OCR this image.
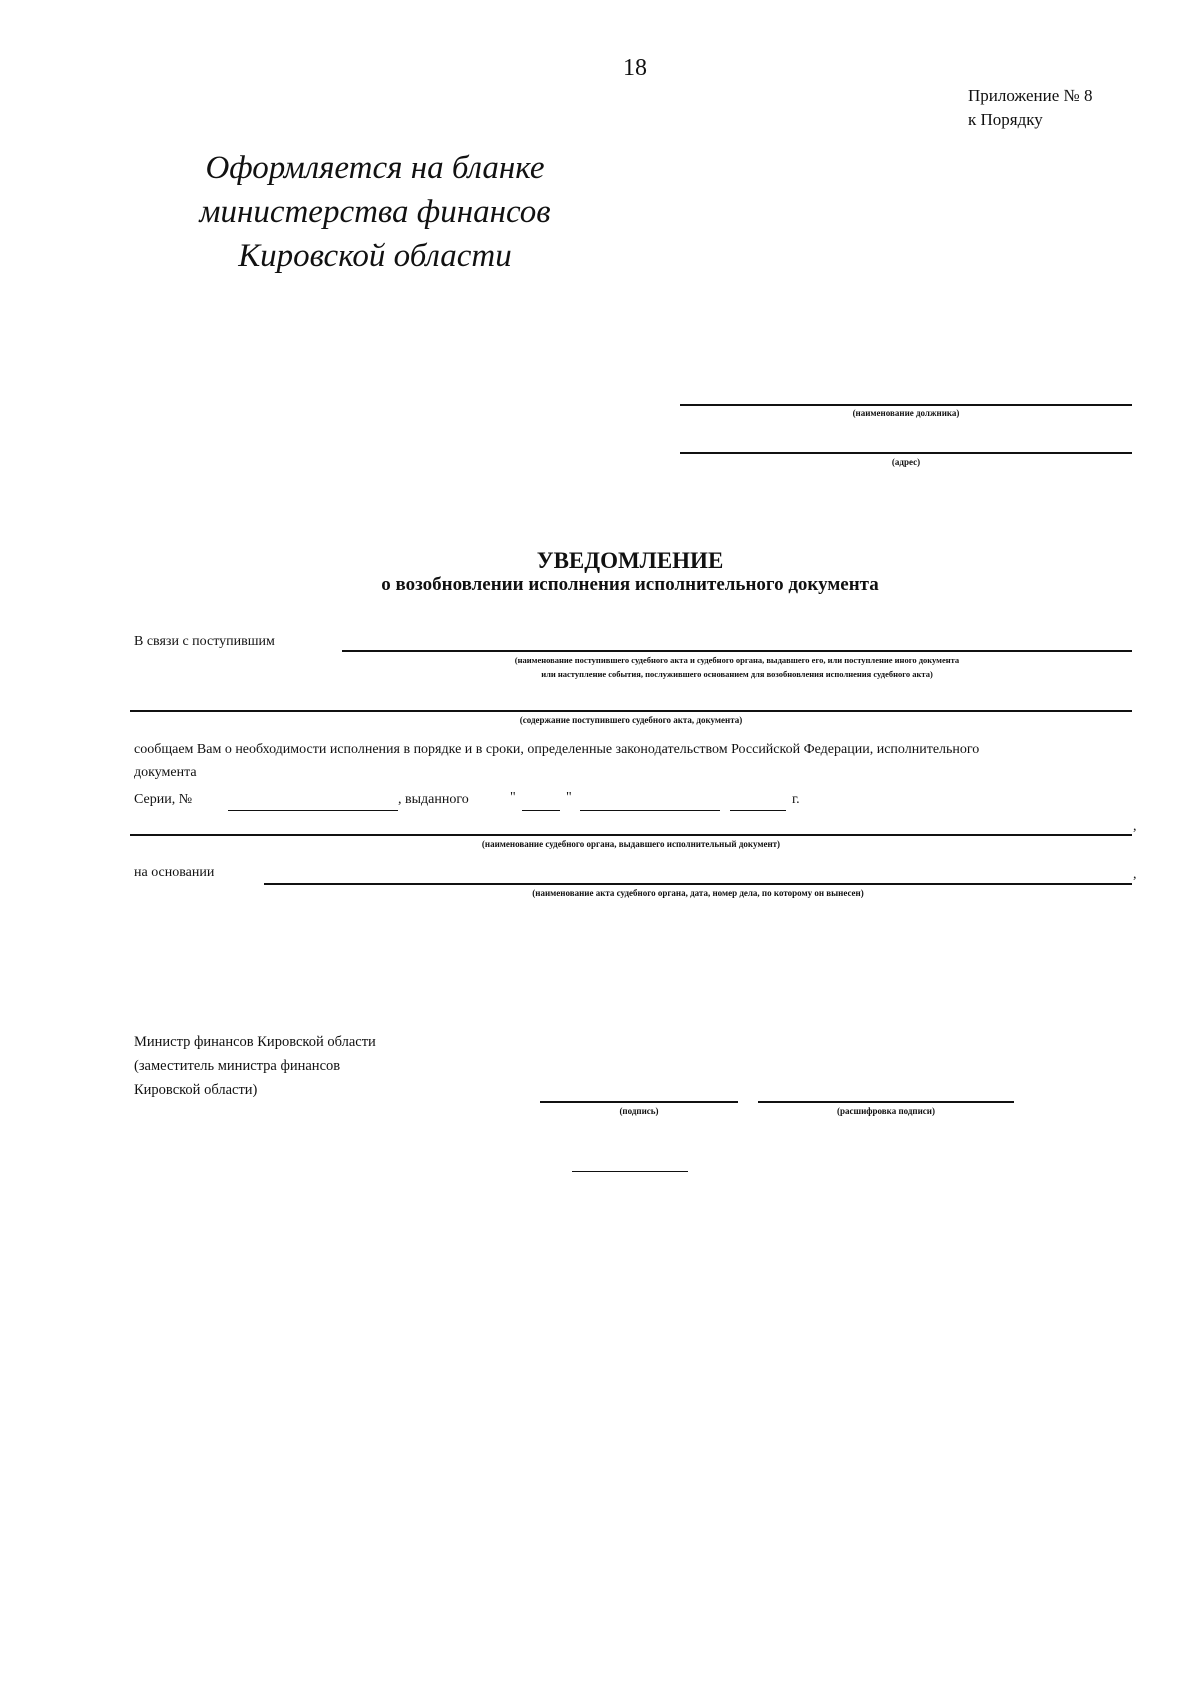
18
Приложение № 8
к Порядку
Оформляется на бланке
министерства финансов
Кировской области
(наименование должника)
(адрес)
УВЕДОМЛЕНИЕ
о возобновлении исполнения исполнительного документа
В связи с поступившим
(наименование поступившего судебного акта и судебного органа, выдавшего его, или поступление иного документа
или наступление события, послужившего основанием для возобновления исполнения судебного акта)
(содержание поступившего судебного акта, документа)
сообщаем Вам о необходимости исполнения в порядке и в сроки, определенные законодательством Российской Федерации, исполнительного
документа
Серии, №	, выданного	"	"	г.
,
(наименование судебного органа, выдавшего исполнительный документ)
на основании	,
(наименование акта судебного органа, дата, номер дела, по которому он вынесен)
Министр финансов Кировской области
(заместитель министра финансов
Кировской области)
(подпись)	(расшифровка подписи)
